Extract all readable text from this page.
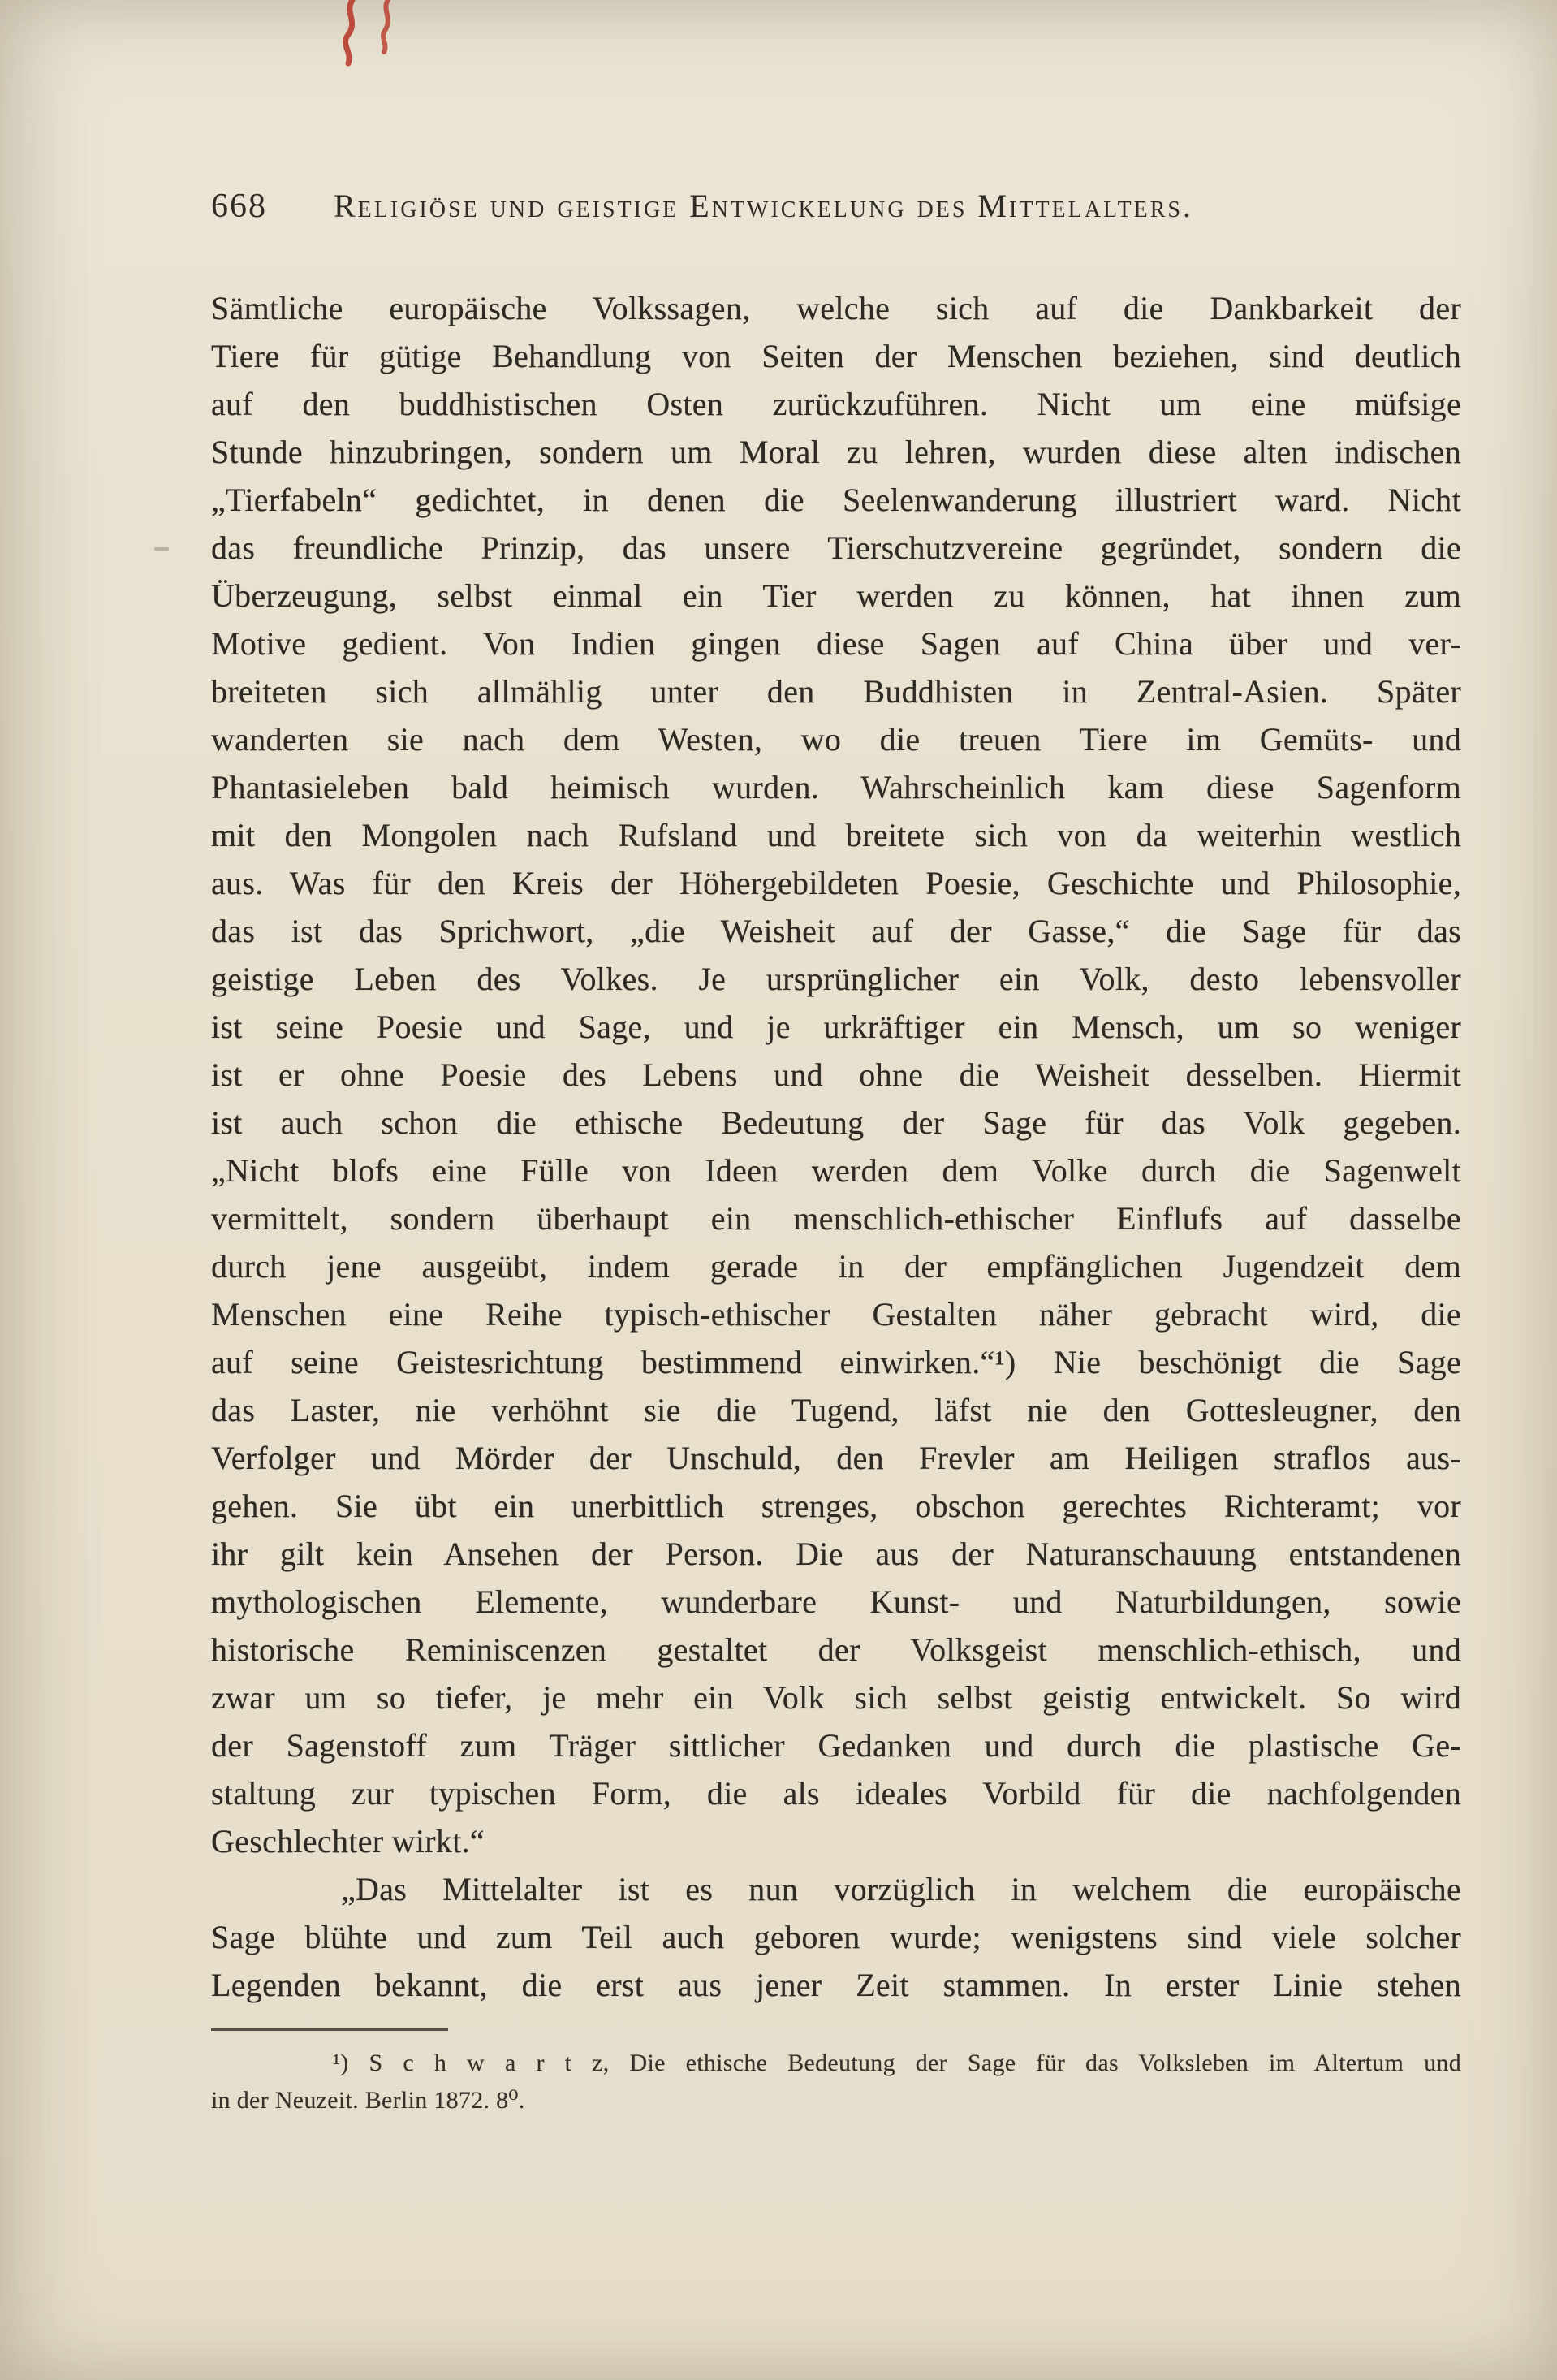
668 Religiöse und geistige Entwickelung des Mittelalters.
Sämtliche europäische Volkssagen, welche sich auf die Dankbarkeit der
Tiere für gütige Behandlung von Seiten der Menschen beziehen, sind deutlich
auf den buddhistischen Osten zurückzuführen. Nicht um eine müfsige
Stunde hinzubringen, sondern um Moral zu lehren, wurden diese alten indischen
„Tierfabeln“ gedichtet, in denen die Seelenwanderung illustriert ward. Nicht
das freundliche Prinzip, das unsere Tierschutzvereine gegründet, sondern die
Überzeugung, selbst einmal ein Tier werden zu können, hat ihnen zum
Motive gedient. Von Indien gingen diese Sagen auf China über und ver-
breiteten sich allmählig unter den Buddhisten in Zentral-Asien. Später
wanderten sie nach dem Westen, wo die treuen Tiere im Gemüts- und
Phantasieleben bald heimisch wurden. Wahrscheinlich kam diese Sagenform
mit den Mongolen nach Rufsland und breitete sich von da weiterhin westlich
aus. Was für den Kreis der Höhergebildeten Poesie, Geschichte und Philosophie,
das ist das Sprichwort, „die Weisheit auf der Gasse,“ die Sage für das
geistige Leben des Volkes. Je ursprünglicher ein Volk, desto lebensvoller
ist seine Poesie und Sage, und je urkräftiger ein Mensch, um so weniger
ist er ohne Poesie des Lebens und ohne die Weisheit desselben. Hiermit
ist auch schon die ethische Bedeutung der Sage für das Volk gegeben.
„Nicht blofs eine Fülle von Ideen werden dem Volke durch die Sagenwelt
vermittelt, sondern überhaupt ein menschlich-ethischer Einflufs auf dasselbe
durch jene ausgeübt, indem gerade in der empfänglichen Jugendzeit dem
Menschen eine Reihe typisch-ethischer Gestalten näher gebracht wird, die
auf seine Geistesrichtung bestimmend einwirken.“¹) Nie beschönigt die Sage
das Laster, nie verhöhnt sie die Tugend, läfst nie den Gottesleugner, den
Verfolger und Mörder der Unschuld, den Frevler am Heiligen straflos aus-
gehen. Sie übt ein unerbittlich strenges, obschon gerechtes Richteramt; vor
ihr gilt kein Ansehen der Person. Die aus der Naturanschauung entstandenen
mythologischen Elemente, wunderbare Kunst- und Naturbildungen, sowie
historische Reminiscenzen gestaltet der Volksgeist menschlich-ethisch, und
zwar um so tiefer, je mehr ein Volk sich selbst geistig entwickelt. So wird
der Sagenstoff zum Träger sittlicher Gedanken und durch die plastische Ge-
staltung zur typischen Form, die als ideales Vorbild für die nachfolgenden
Geschlechter wirkt.“
„Das Mittelalter ist es nun vorzüglich in welchem die europäische
Sage blühte und zum Teil auch geboren wurde; wenigstens sind viele solcher
Legenden bekannt, die erst aus jener Zeit stammen. In erster Linie stehen
¹) S c h w a r t z, Die ethische Bedeutung der Sage für das Volksleben im Altertum und
in der Neuzeit. Berlin 1872. 8⁰.
